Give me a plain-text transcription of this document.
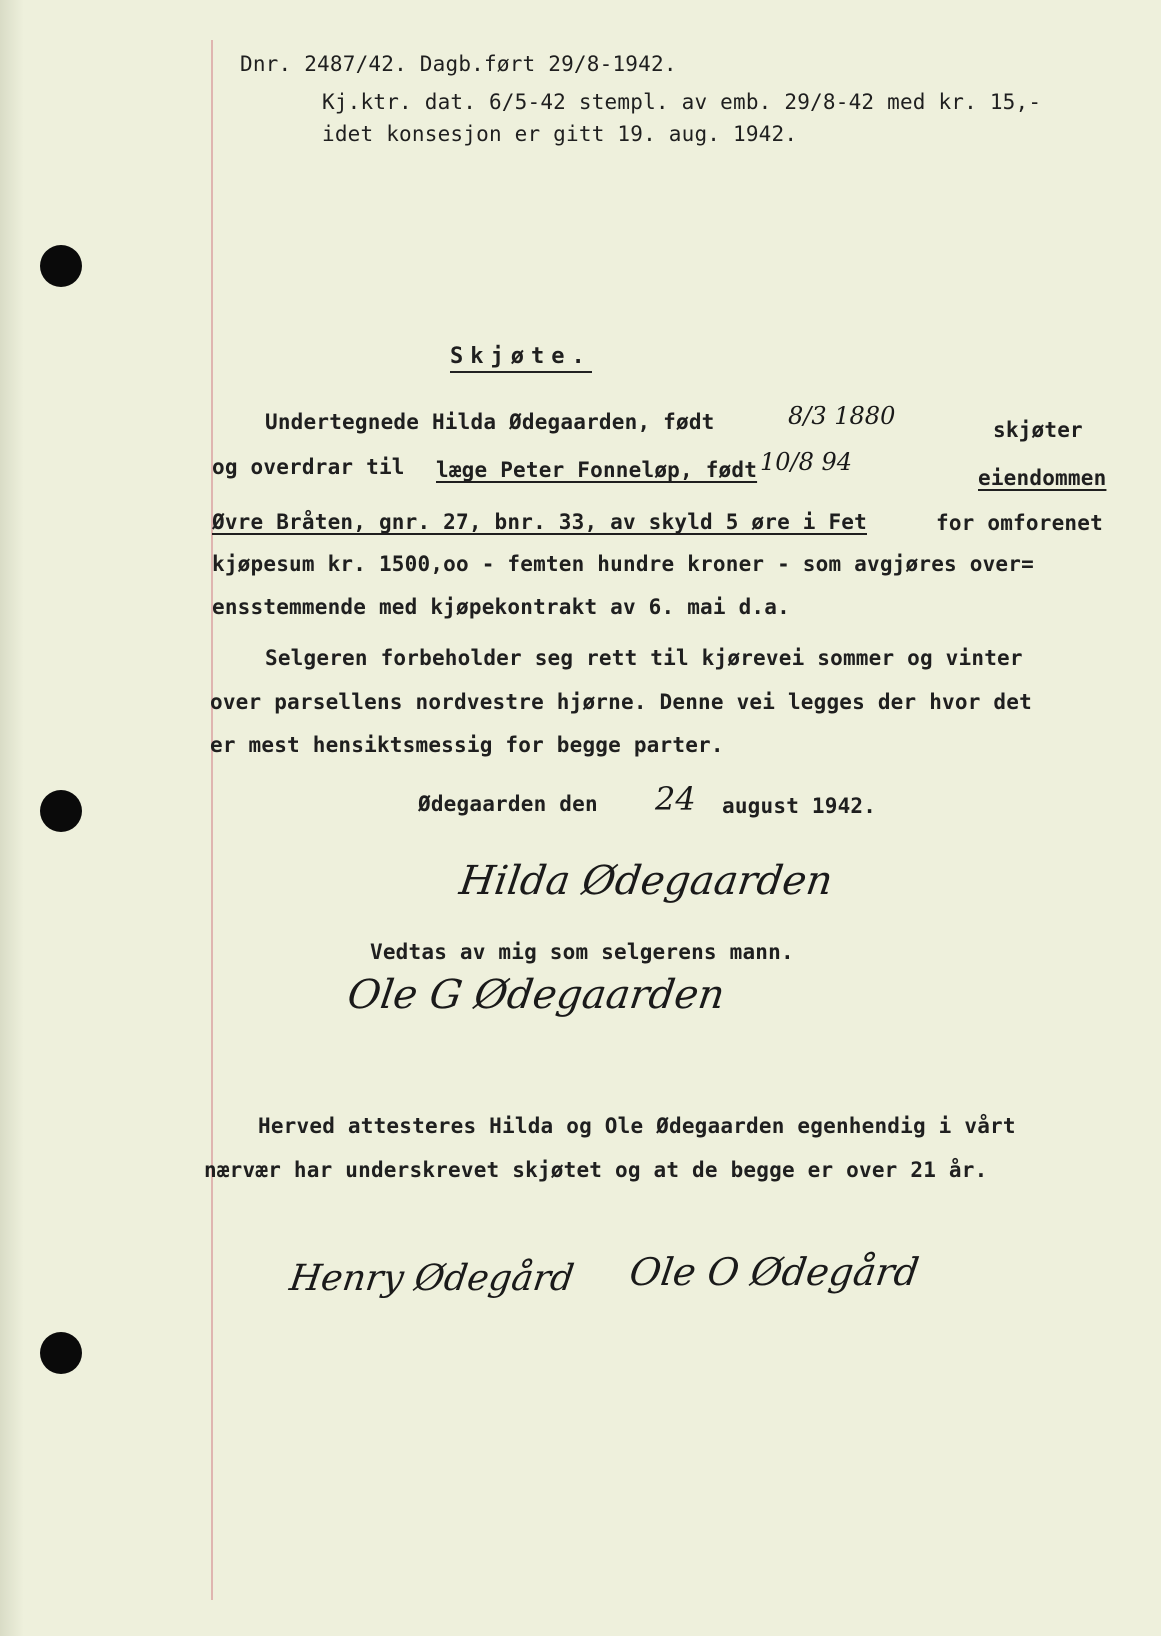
Dnr. 2487/42. Dagb.ført 29/8-1942.
Kj.ktr. dat. 6/5-42 stempl. av emb. 29/8-42 med kr. 15,-
idet konsesjon er gitt 19. aug. 1942.
Skjøte.
Undertegnede Hilda Ødegaarden, født	skjøter
og overdrar til læge Peter Fonneløp, født	eiendommen
Øvre Bråten, gnr. 27, bnr. 33, av skyld 5 øre i Fet	for omforenet
kjøpesum kr. 1500,oo - femten hundre kroner - som avgjøres over=
ensstemmende med kjøpekontrakt av 6. mai d.a.
Selgeren forbeholder seg rett til kjørevei sommer og vinter
over parsellens nordvestre hjørne. Denne vei legges der hvor det
er mest hensiktsmessig for begge parter.
Ødegaarden den	august 1942.
Vedtas av mig som selgerens mann.
Herved attesteres Hilda og Ole Ødegaarden egenhendig i vårt
nærvær har underskrevet skjøtet og at de begge er over 21 år.
8/3 1880
10/8 94
24
Hilda Ødegaarden
Ole G Ødegaarden
Henry Ødegård Ole O Ødegård
